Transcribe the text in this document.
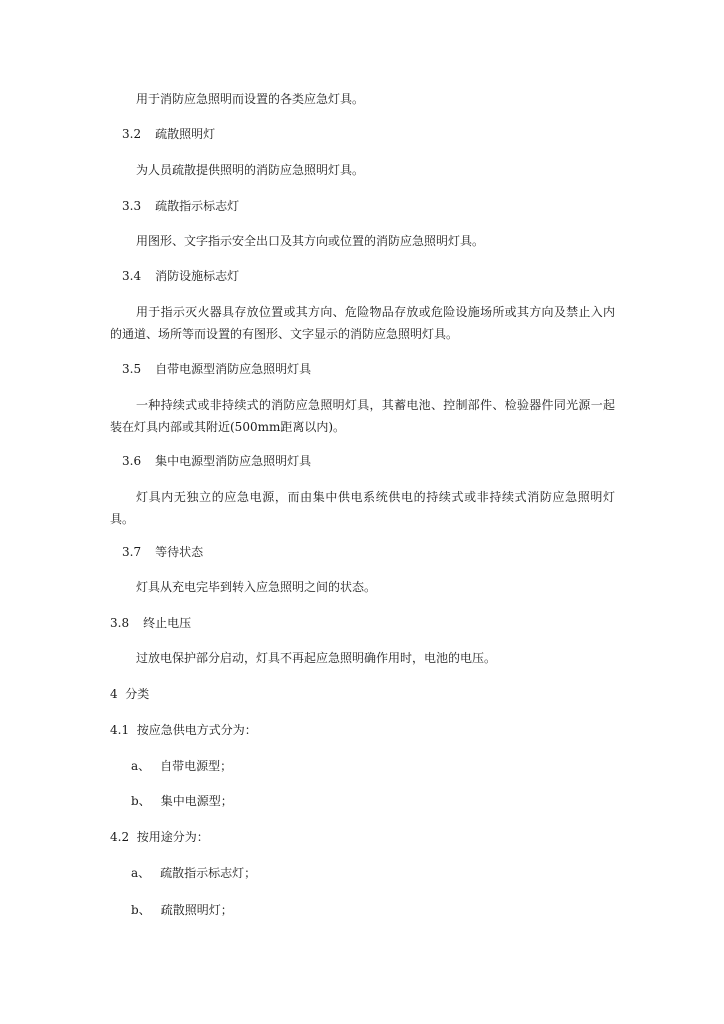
用于消防应急照明而设置的各类应急灯具。
3.2 疏散照明灯
为人员疏散提供照明的消防应急照明灯具。
3.3 疏散指示标志灯
用图形、文字指示安全出口及其方向或位置的消防应急照明灯具。
3.4 消防设施标志灯
用于指示灭火器具存放位置或其方向、危险物品存放或危险设施场所或其方向及禁止入内的通道、场所等而设置的有图形、文字显示的消防应急照明灯具。
3.5 自带电源型消防应急照明灯具
一种持续式或非持续式的消防应急照明灯具，其蓄电池、控制部件、检验器件同光源一起装在灯具内部或其附近(500mm距离以内)。
3.6 集中电源型消防应急照明灯具
灯具内无独立的应急电源，而由集中供电系统供电的持续式或非持续式消防应急照明灯具。
3.7 等待状态
灯具从充电完毕到转入应急照明之间的状态。
3.8 终止电压
过放电保护部分启动，灯具不再起应急照明确作用时，电池的电压。
4  分类
4.1  按应急供电方式分为：
a、 自带电源型；
b、 集中电源型；
4.2  按用途分为：
a、 疏散指示标志灯；
b、 疏散照明灯；
